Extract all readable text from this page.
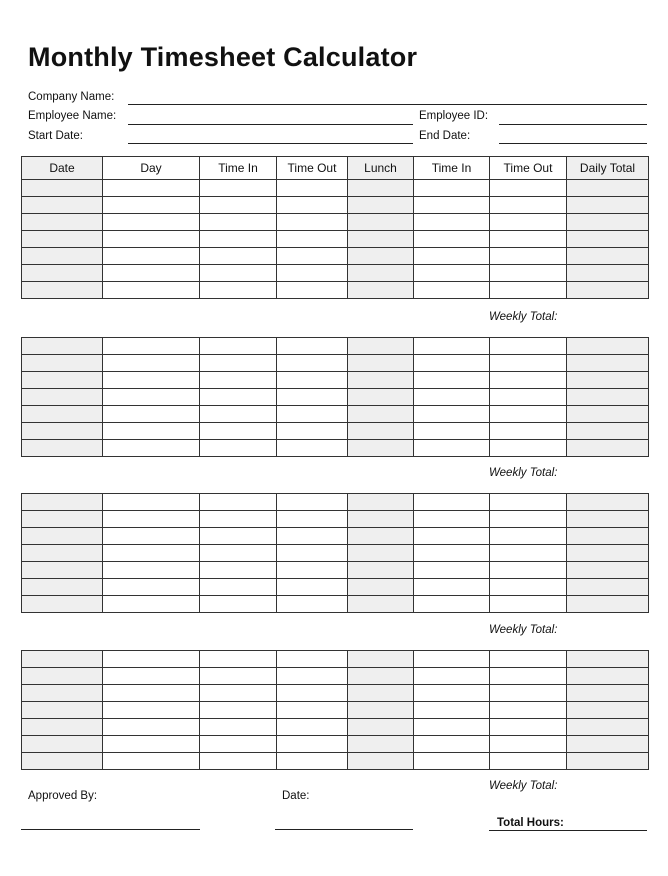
Monthly Timesheet Calculator
Company Name:
Employee Name:	Employee ID:
Start Date:	End Date:
Date	Day	Time In	Time Out	Lunch	Time In	Time Out	Daily Total

Weekly Total:

Weekly Total:

Weekly Total:

Weekly Total:
Approved By:	Date:
Total Hours:
